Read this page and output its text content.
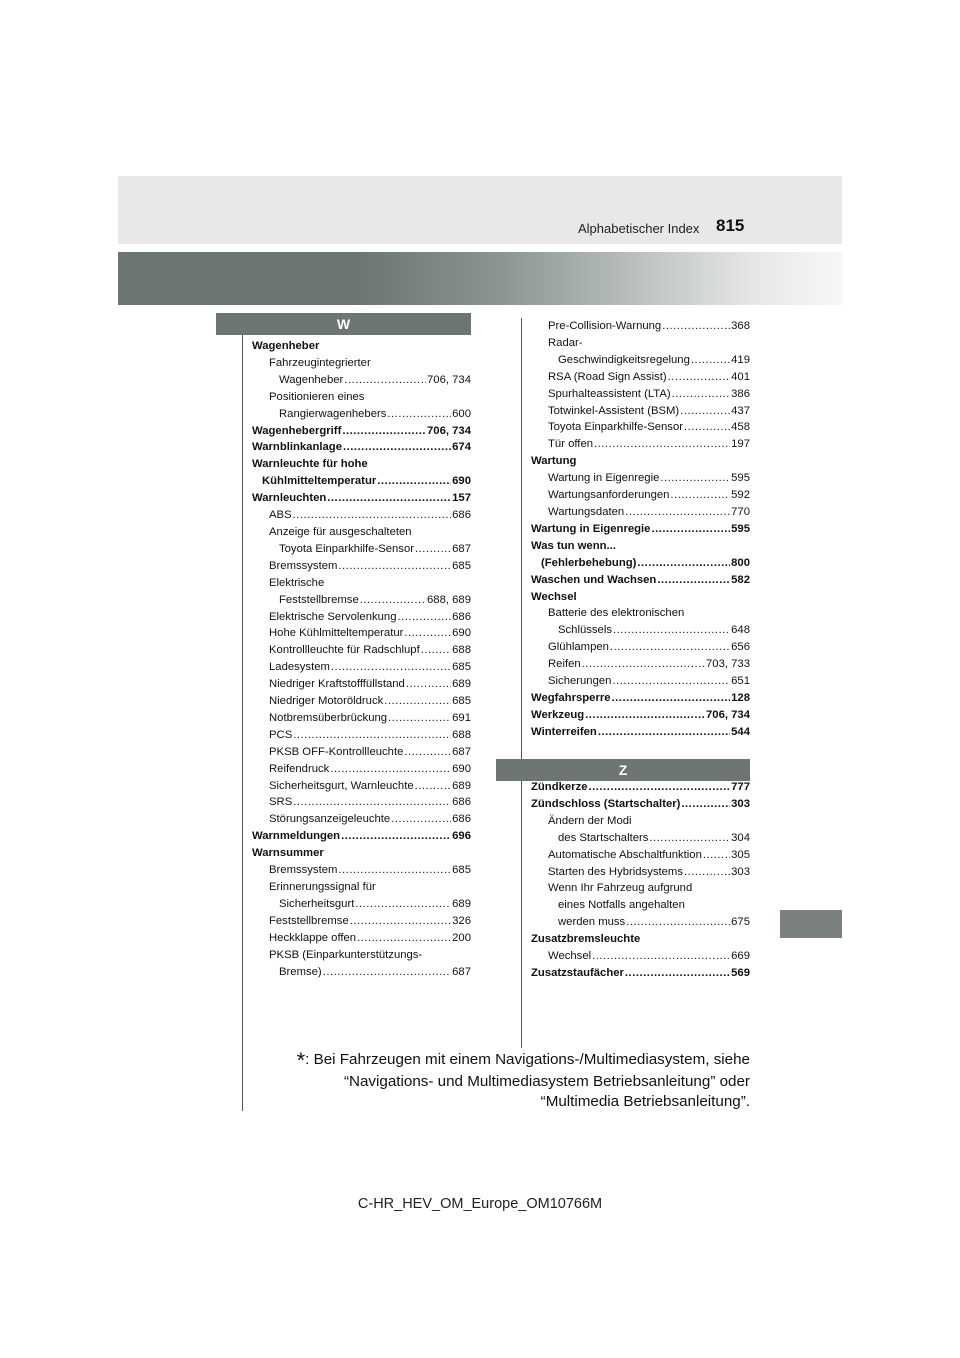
Alphabetischer Index 815
W
Z
Wagenheber
Fahrzeugintegrierter
Wagenheber .....	706, 734
Positionieren eines
Rangierwagenhebers .....	600
Wagenhebergriff .....	706, 734
Warnblinkanlage .....	674
Warnleuchte für hohe
Kühlmitteltemperatur .....	690
Warnleuchten .....	157
ABS .....	686
Anzeige für ausgeschalteten
Toyota Einparkhilfe-Sensor .....	687
Bremssystem .....	685
Elektrische
Feststellbremse .....	688, 689
Elektrische Servolenkung .....	686
Hohe Kühlmitteltemperatur .....	690
Kontrollleuchte für Radschlupf .....	688
Ladesystem .....	685
Niedriger Kraftstofffüllstand .....	689
Niedriger Motoröldruck .....	685
Notbremsüberbrückung .....	691
PCS .....	688
PKSB OFF-Kontrollleuchte .....	687
Reifendruck .....	690
Sicherheitsgurt, Warnleuchte .....	689
SRS .....	686
Störungsanzeigeleuchte .....	686
Warnmeldungen .....	696
Warnsummer
Bremssystem .....	685
Erinnerungssignal für
Sicherheitsgurt .....	689
Feststellbremse .....	326
Heckklappe offen .....	200
PKSB (Einparkunterstützungs-
Bremse) .....	687
Pre-Collision-Warnung .....	368
Radar-
Geschwindigkeitsregelung .....	419
RSA (Road Sign Assist) .....	401
Spurhalteassistent (LTA) .....	386
Totwinkel-Assistent (BSM) .....	437
Toyota Einparkhilfe-Sensor .....	458
Tür offen .....	197
Wartung
Wartung in Eigenregie .....	595
Wartungsanforderungen .....	592
Wartungsdaten .....	770
Wartung in Eigenregie .....	595
Was tun wenn...
(Fehlerbehebung) .....	800
Waschen und Wachsen .....	582
Wechsel
Batterie des elektronischen
Schlüssels .....	648
Glühlampen .....	656
Reifen .....	703, 733
Sicherungen .....	651
Wegfahrsperre .....	128
Werkzeug .....	706, 734
Winterreifen .....	544
Zündkerze .....	777
Zündschloss (Startschalter) .....	303
Ändern der Modi
des Startschalters .....	304
Automatische Abschaltfunktion .....	305
Starten des Hybridsystems .....	303
Wenn Ihr Fahrzeug aufgrund
eines Notfalls angehalten
werden muss .....	675
Zusatzbremsleuchte
Wechsel .....	669
Zusatzstaufächer .....	569
*: Bei Fahrzeugen mit einem Navigations-/Multimediasystem, siehe
“Navigations- und Multimediasystem Betriebsanleitung” oder
“Multimedia Betriebsanleitung”.
C-HR_HEV_OM_Europe_OM10766M
